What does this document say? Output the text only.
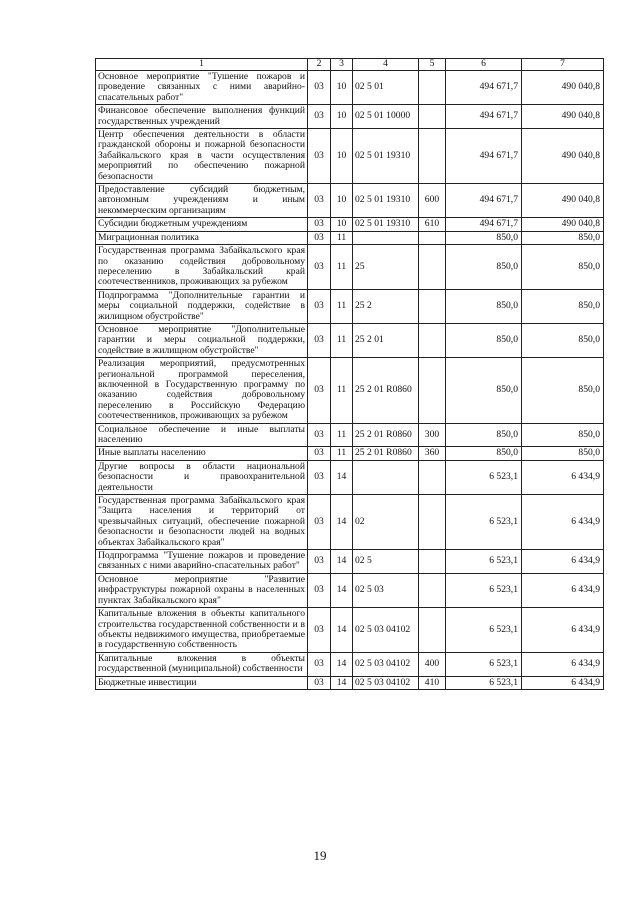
1	2	3	4	5	6	7
Основное мероприятие "Тушение пожаров и проведение связанных с ними аварийно-спасательных работ"	03	10	02 5 01		494 671,7	490 040,8
Финансовое обеспечение выполнения функций государственных учреждений	03	10	02 5 01 10000		494 671,7	490 040,8
Центр обеспечения деятельности в области гражданской обороны и пожарной безопасности Забайкальского края в части осуществления мероприятий по обеспечению пожарной безопасности	03	10	02 5 01 19310		494 671,7	490 040,8
Предоставление субсидий бюджетным, автономным учреждениям и иным некоммерческим организациям	03	10	02 5 01 19310	600	494 671,7	490 040,8
Субсидии бюджетным учреждениям	03	10	02 5 01 19310	610	494 671,7	490 040,8
Миграционная политика	03	11			850,0	850,0
Государственная программа Забайкальского края по оказанию содействия добровольному переселению в Забайкальский край соотечественников, проживающих за рубежом	03	11	25		850,0	850,0
Подпрограмма "Дополнительные гарантии и меры социальной поддержки, содействие в жилищном обустройстве"	03	11	25 2		850,0	850,0
Основное мероприятие "Дополнительные гарантии и меры социальной поддержки, содействие в жилищном обустройстве"	03	11	25 2 01		850,0	850,0
Реализация мероприятий, предусмотренных региональной программой переселения, включенной в Государственную программу по оказанию содействия добровольному переселению в Российскую Федерацию соотечественников, проживающих за рубежом	03	11	25 2 01 R0860		850,0	850,0
Социальное обеспечение и иные выплаты населению	03	11	25 2 01 R0860	300	850,0	850,0
Иные выплаты населению	03	11	25 2 01 R0860	360	850,0	850,0
Другие вопросы в области национальной безопасности и правоохранительной деятельности	03	14			6 523,1	6 434,9
Государственная программа Забайкальского края "Защита населения и территорий от чрезвычайных ситуаций, обеспечение пожарной безопасности и безопасности людей на водных объектах Забайкальского края"	03	14	02		6 523,1	6 434,9
Подпрограмма "Тушение пожаров и проведение связанных с ними аварийно-спасательных работ"	03	14	02 5		6 523,1	6 434,9
Основное мероприятие "Развитие инфраструктуры пожарной охраны в населенных пунктах Забайкальского края"	03	14	02 5 03		6 523,1	6 434,9
Капитальные вложения в объекты капитального строительства государственной собственности и в объекты недвижимого имущества, приобретаемые в государственную собственность	03	14	02 5 03 04102		6 523,1	6 434,9
Капитальные вложения в объекты государственной (муниципальной) собственности	03	14	02 5 03 04102	400	6 523,1	6 434,9
Бюджетные инвестиции	03	14	02 5 03 04102	410	6 523,1	6 434,9
19
